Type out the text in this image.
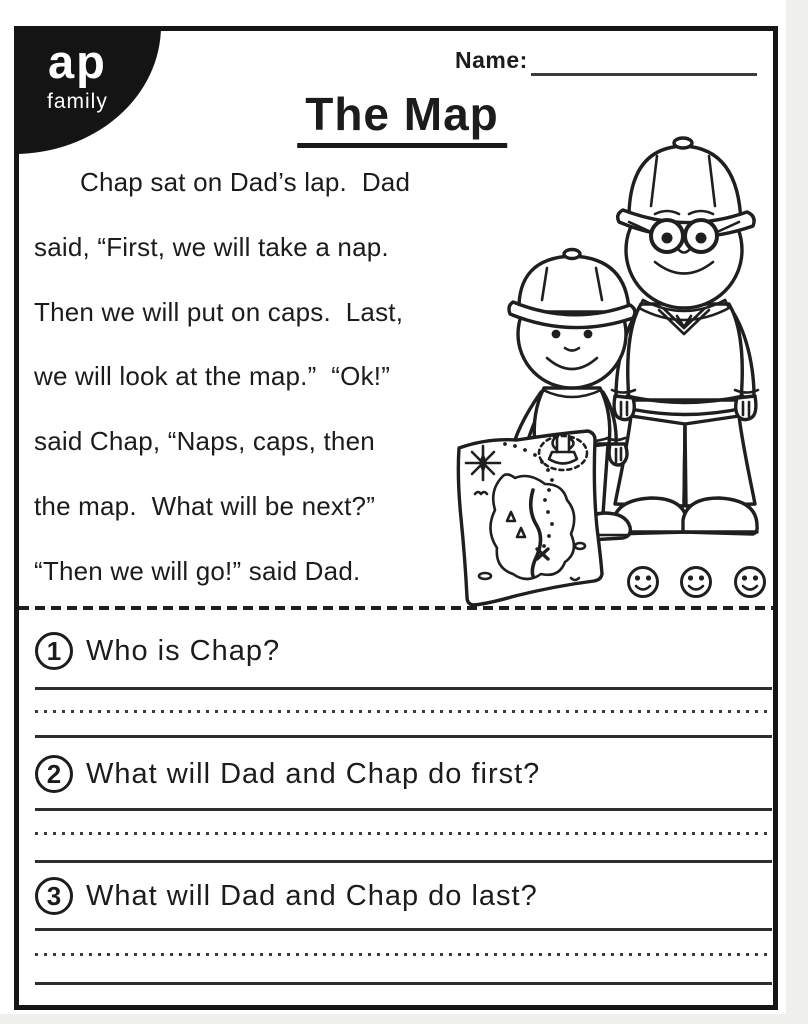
ap
family
Name:
The Map
Chap sat on Dad’s lap.  Dad
said, “First, we will take a nap.
Then we will put on caps.  Last,
we will look at the map.”  “Ok!”
said Chap, “Naps, caps, then
the map.  What will be next?”
“Then we will go!” said Dad.
1 Who is Chap?
2 What will Dad and Chap do first?
3 What will Dad and Chap do last?
